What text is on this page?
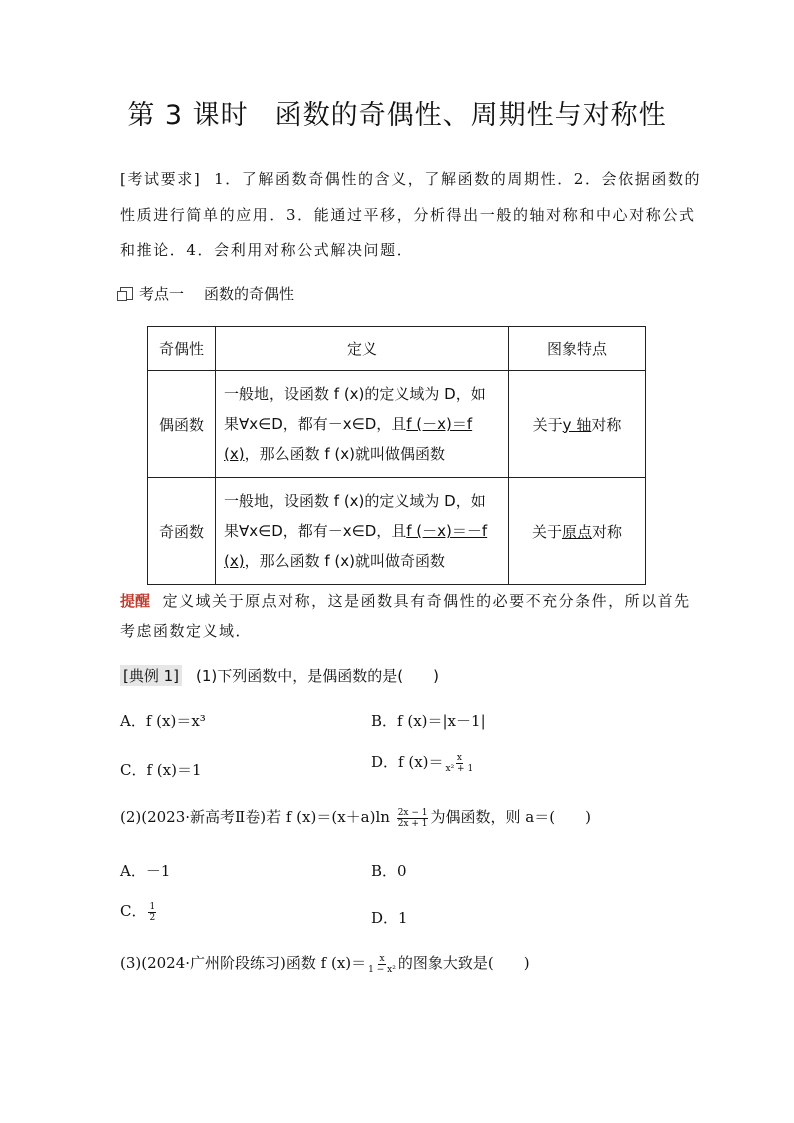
第 3 课时 函数的奇偶性、周期性与对称性
[考试要求] 1．了解函数奇偶性的含义，了解函数的周期性．2．会依据函数的
性质进行简单的应用．3．能通过平移，分析得出一般的轴对称和中心对称公式
和推论．4．会利用对称公式解决问题．
考点一 函数的奇偶性
奇偶性	定义	图象特点
偶函数	一般地，设函数 f (x)的定义域为 D，如果∀x∈D，都有－x∈D，且f (－x)＝f (x)，那么函数 f (x)就叫做偶函数	关于y 轴对称
奇函数	一般地，设函数 f (x)的定义域为 D，如果∀x∈D，都有－x∈D，且f (－x)＝－f (x)，那么函数 f (x)就叫做奇函数	关于原点对称
提醒 定义域关于原点对称，这是函数具有奇偶性的必要不充分条件，所以首先
考虑函数定义域．
[典例 1] (1)下列函数中，是偶函数的是( )
A．f (x)＝x³	B．f (x)＝|x－1|
C．f (x)＝1	D．f $(x)= \frac{x}{\text{x² + 1}}$
(2)(2023·新高考Ⅱ卷)若 f $(x)=(x+a)\ln \frac{2x - 1}{2x + 1}$ 为偶函数，则 a＝( )
A．－1	B．0
C． $\frac{1}{2}$	D．1
(3)(2024·广州阶段练习)函数 f $(x)= \frac{x}{\text{1 − x²}}$ 的图象大致是( )
